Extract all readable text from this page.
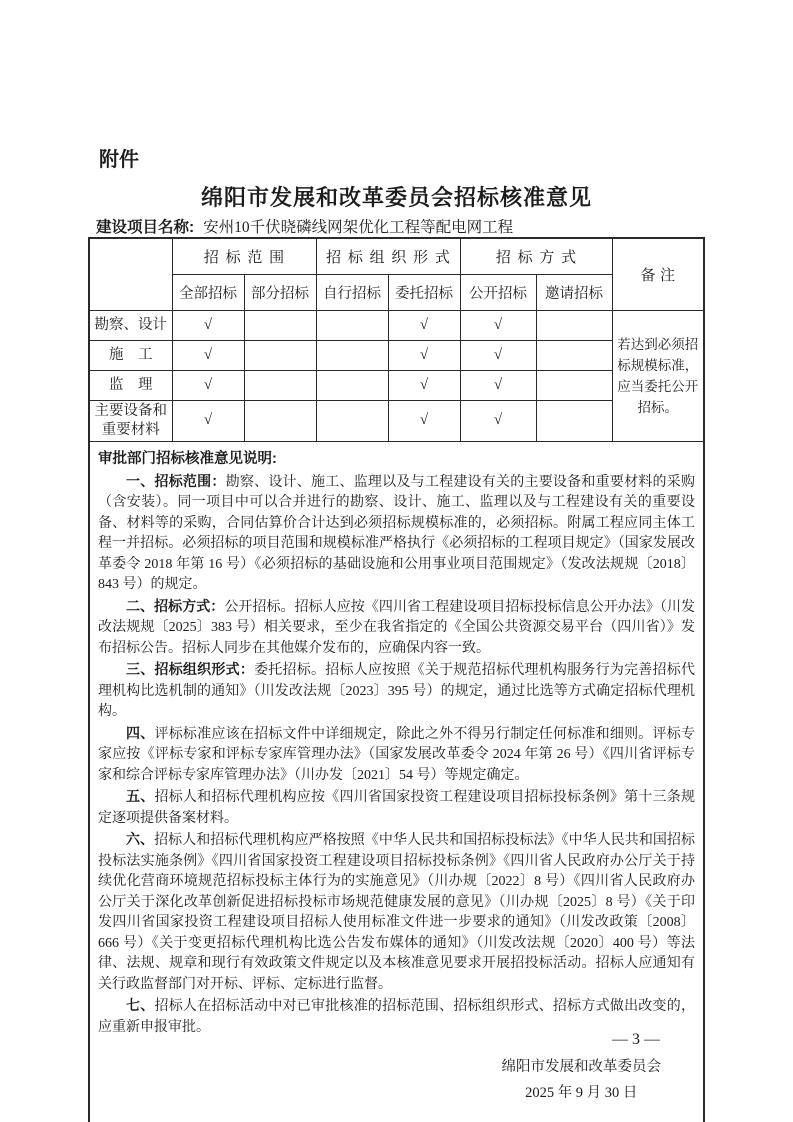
附件
绵阳市发展和改革委员会招标核准意见
建设项目名称: 安州10千伏晓磷线网架优化工程等配电网工程
	招标范围		招标组织形式		招标方式		备注
	全部招标	部分招标	自行招标	委托招标	公开招标	邀请招标	
勘察、设计	√			√	√		若达到必须招标规模标准，应当委托公开招标。
施　工	√			√	√		
监　理	√			√	√		
主要设备和重要材料	√			√	√		
审批部门招标核准意见说明:

一、招标范围：勘察、设计、施工、监理以及与工程建设有关的主要设备和重要材料的采购（含安装）。同一项目中可以合并进行的勘察、设计、施工、监理以及与工程建设有关的重要设备、材料等的采购，合同估算价合计达到必须招标规模标准的，必须招标。附属工程应同主体工程一并招标。必须招标的项目范围和规模标准严格执行《必须招标的工程项目规定》（国家发展改革委令 2018 年第 16 号）《必须招标的基础设施和公用事业项目范围规定》（发改法规规〔2018〕843 号）的规定。

二、招标方式：公开招标。招标人应按《四川省工程建设项目招标投标信息公开办法》（川发改法规规〔2025〕383 号）相关要求，至少在我省指定的《全国公共资源交易平台（四川省）》发布招标公告。招标人同步在其他媒介发布的，应确保内容一致。

三、招标组织形式：委托招标。招标人应按照《关于规范招标代理机构服务行为完善招标代理机构比选机制的通知》（川发改法规〔2023〕395 号）的规定，通过比选等方式确定招标代理机构。

四、评标标准应该在招标文件中详细规定，除此之外不得另行制定任何标准和细则。评标专家应按《评标专家和评标专家库管理办法》（国家发展改革委令 2024 年第 26 号）《四川省评标专家和综合评标专家库管理办法》（川办发〔2021〕54 号）等规定确定。

五、招标人和招标代理机构应按《四川省国家投资工程建设项目招标投标条例》第十三条规定逐项提供备案材料。

六、招标人和招标代理机构应严格按照《中华人民共和国招标投标法》《中华人民共和国招标投标法实施条例》《四川省国家投资工程建设项目招标投标条例》《四川省人民政府办公厅关于持续优化营商环境规范招标投标主体行为的实施意见》（川办规〔2022〕8 号）《四川省人民政府办公厅关于深化改革创新促进招标投标市场规范健康发展的意见》（川办规〔2025〕8 号）《关于印发四川省国家投资工程建设项目招标人使用标准文件进一步要求的通知》（川发改政策〔2008〕666 号）《关于变更招标代理机构比选公告发布媒体的通知》（川发改法规〔2020〕400 号）等法律、法规、规章和现行有效政策文件规定以及本核准意见要求开展招投标活动。招标人应通知有关行政监督部门对开标、评标、定标进行监督。

七、招标人在招标活动中对已审批核准的招标范围、招标组织形式、招标方式做出改变的，应重新申报审批。

绵阳市发展和改革委员会
2025 年 9 月 30 日
— 3 —
